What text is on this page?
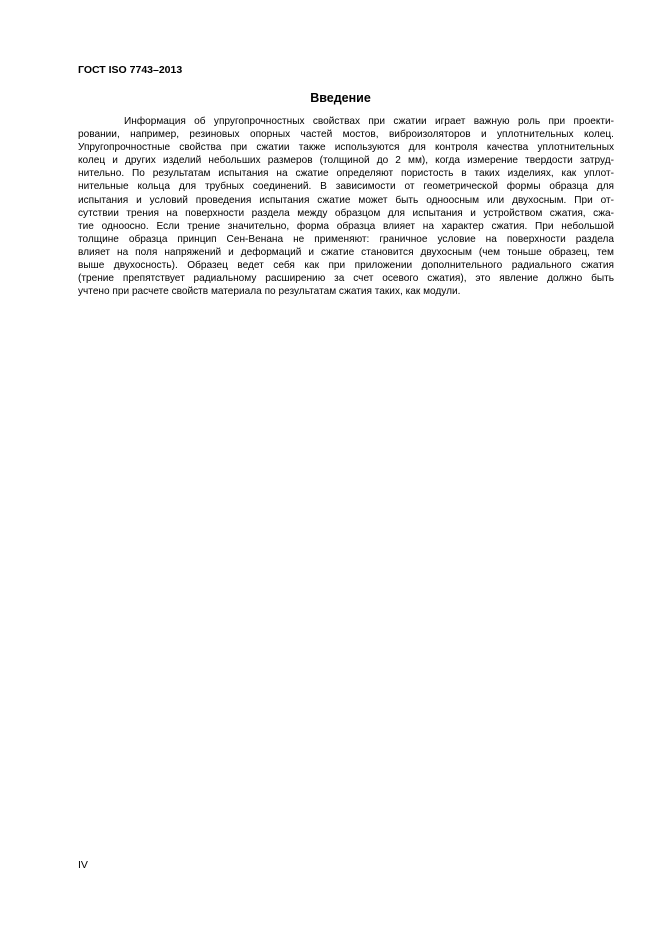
ГОСТ ISO 7743–2013
Введение
Информация об упругопрочностных свойствах при сжатии играет важную роль при проекти-
ровании, например, резиновых опорных частей мостов, виброизоляторов и уплотнительных колец.
Упругопрочностные свойства при сжатии также используются для контроля качества уплотнительных
колец и других изделий небольших размеров (толщиной до 2 мм), когда измерение твердости затруд-
нительно. По результатам испытания на сжатие определяют пористость в таких изделиях, как уплот-
нительные кольца для трубных соединений. В зависимости от геометрической формы образца для
испытания и условий проведения испытания сжатие может быть одноосным или двухосным. При от-
сутствии трения на поверхности раздела между образцом для испытания и устройством сжатия, сжа-
тие одноосно. Если трение значительно, форма образца влияет на характер сжатия. При небольшой
толщине образца принцип Сен-Венана не применяют: граничное условие на поверхности раздела
влияет на поля напряжений и деформаций и сжатие становится двухосным (чем тоньше образец, тем
выше двухосность). Образец ведет себя как при приложении дополнительного радиального сжатия
(трение препятствует радиальному расширению за счет осевого сжатия), это явление должно быть
учтено при расчете свойств материала по результатам сжатия таких, как модули.
IV
